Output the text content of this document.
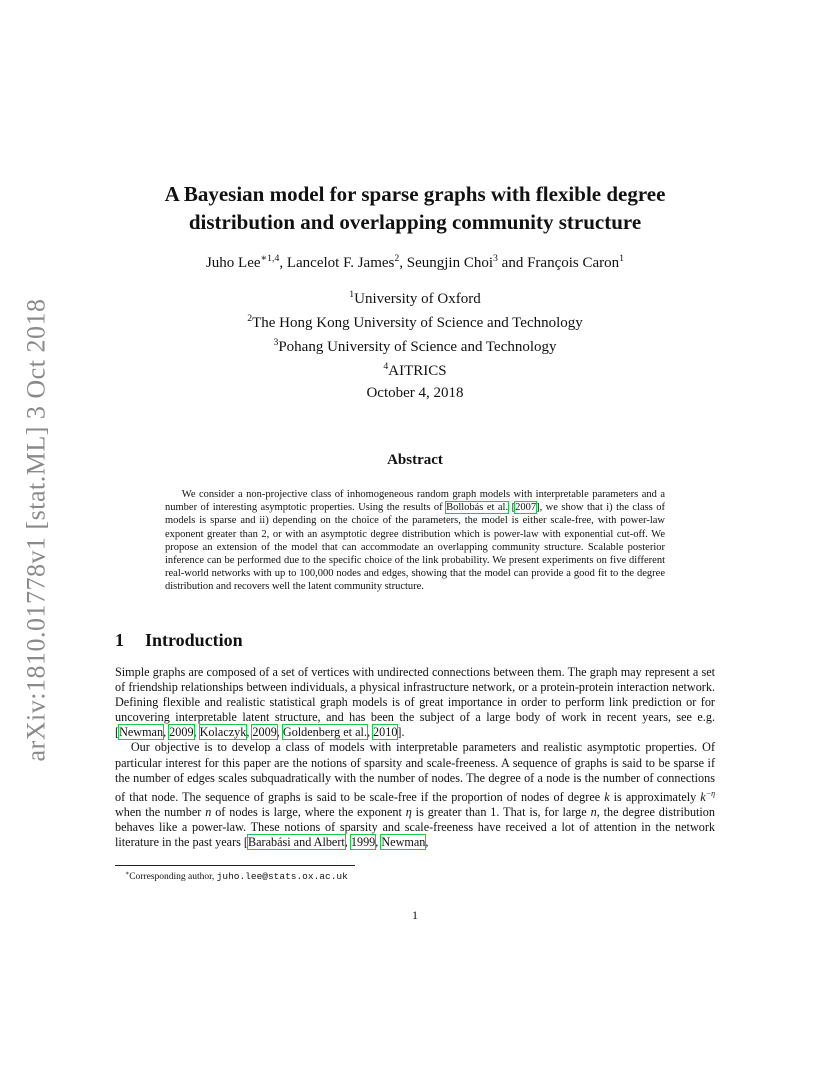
arXiv:1810.01778v1 [stat.ML] 3 Oct 2018
A Bayesian model for sparse graphs with flexible degree
distribution and overlapping community structure
Juho Lee$^{∗1,4}$, Lancelot F. James$^2$, Seungjin Choi$^3$ and François Caron$^1$
$^1$University of Oxford
$^2$The Hong Kong University of Science and Technology
$^3$Pohang University of Science and Technology
$^4$AITRICS
October 4, 2018
Abstract
We consider a non-projective class of inhomogeneous random graph models with interpretable parameters and a number of interesting asymptotic properties. Using the results of Bollobás et al. [2007], we show that i) the class of models is sparse and ii) depending on the choice of the parameters, the model is either scale-free, with power-law exponent greater than 2, or with an asymptotic degree distribution which is power-law with exponential cut-off. We propose an extension of the model that can accommodate an overlapping community structure. Scalable posterior inference can be performed due to the specific choice of the link probability. We present experiments on five different real-world networks with up to 100,000 nodes and edges, showing that the model can provide a good fit to the degree distribution and recovers well the latent community structure.
1 Introduction

Simple graphs are composed of a set of vertices with undirected connections between them. The graph may represent a set of friendship relationships between individuals, a physical infrastructure network, or a protein-protein interaction network. Defining flexible and realistic statistical graph models is of great importance in order to perform link prediction or for uncovering interpretable latent structure, and has been the subject of a large body of work in recent years, see e.g. [Newman, 2009, Kolaczyk, 2009, Goldenberg et al., 2010].

Our objective is to develop a class of models with interpretable parameters and realistic asymptotic properties. Of particular interest for this paper are the notions of sparsity and scale-freeness. A sequence of graphs is said to be sparse if the number of edges scales subquadratically with the number of nodes. The degree of a node is the number of connections of that node. The sequence of graphs is said to be scale-free if the proportion of nodes of degree k is approximately $k^{-\eta}$ when the number n of nodes is large, where the exponent η is greater than 1. That is, for large n, the degree distribution behaves like a power-law. These notions of sparsity and scale-freeness have received a lot of attention in the network literature in the past years [Barabási and Albert, 1999, Newman,

∗Corresponding author, juho.lee@stats.ox.ac.uk
1
